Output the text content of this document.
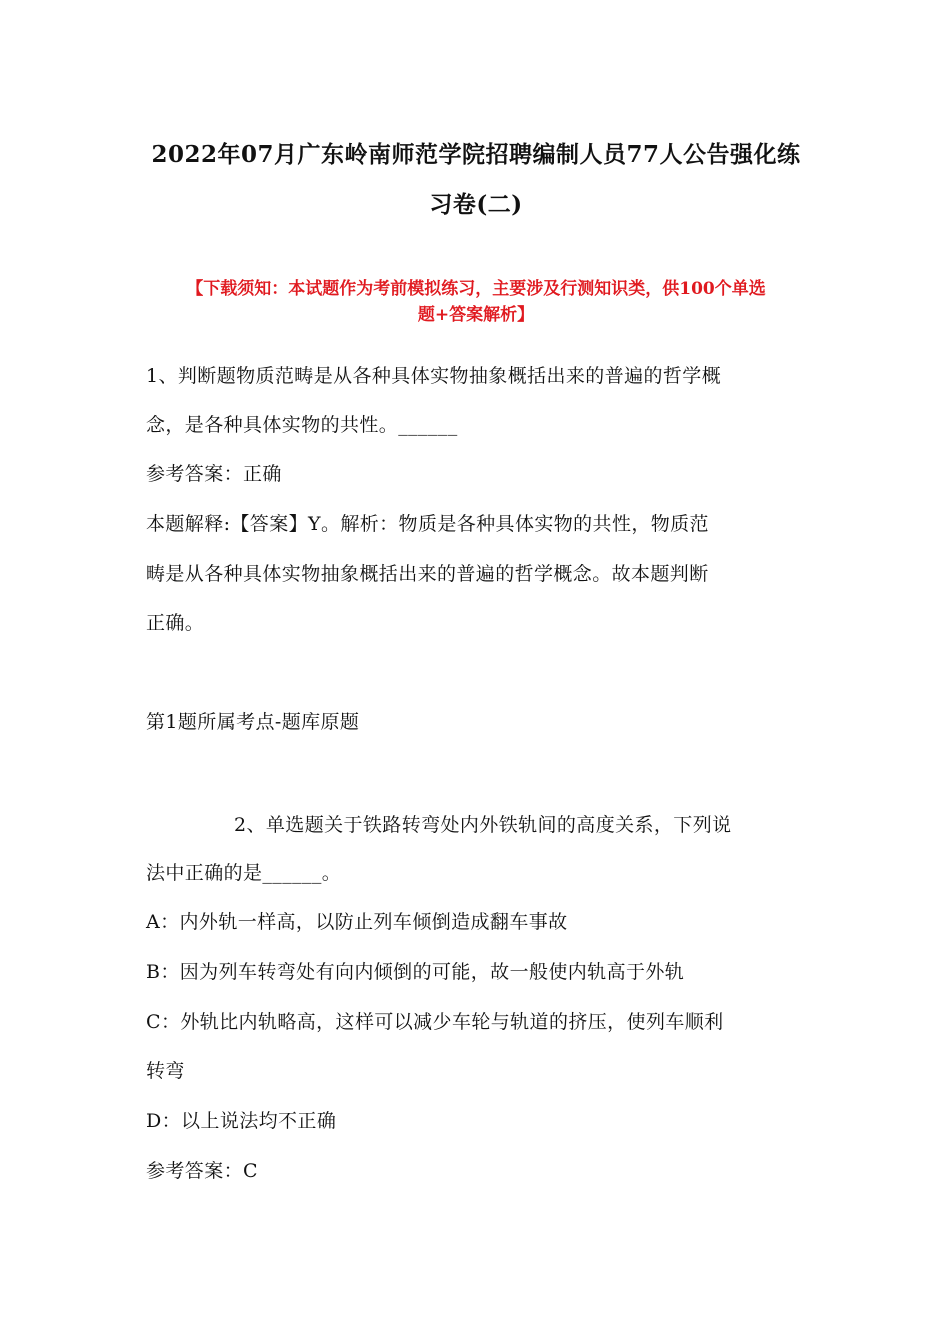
2022年07月广东岭南师范学院招聘编制人员77人公告强化练
习卷(二)
【下载须知：本试题作为考前模拟练习，主要涉及行测知识类，供100个单选
题+答案解析】
1、判断题物质范畴是从各种具体实物抽象概括出来的普遍的哲学概
念，是各种具体实物的共性。______
参考答案：正确
本题解释:【答案】Y。解析：物质是各种具体实物的共性，物质范
畴是从各种具体实物抽象概括出来的普遍的哲学概念。故本题判断
正确。
第1题所属考点-题库原题
2、单选题关于铁路转弯处内外铁轨间的高度关系，下列说
法中正确的是______。
A：内外轨一样高，以防止列车倾倒造成翻车事故
B：因为列车转弯处有向内倾倒的可能，故一般使内轨高于外轨
C：外轨比内轨略高，这样可以减少车轮与轨道的挤压，使列车顺利
转弯
D：以上说法均不正确
参考答案：C
